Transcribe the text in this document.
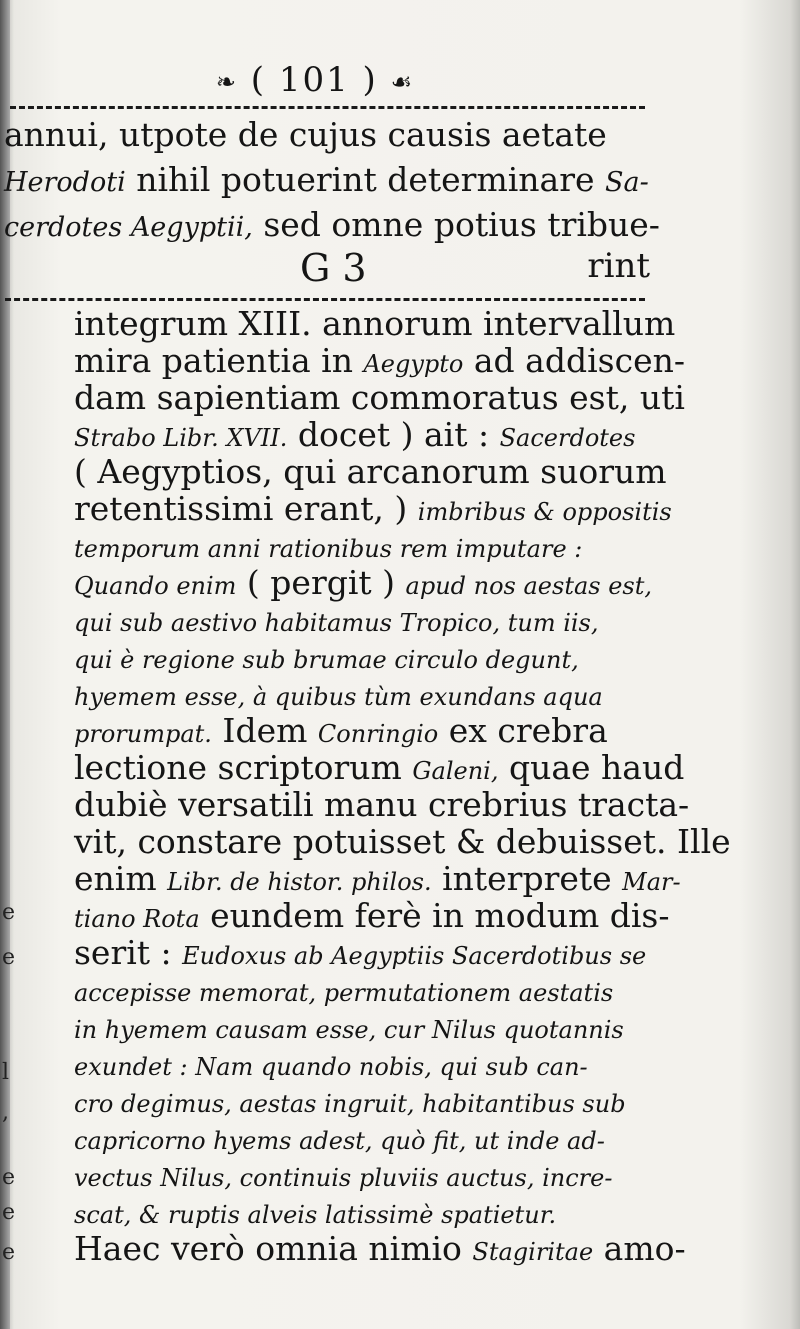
❧ ( 101 ) ☙
annui, utpote de cujus causis aetate
Herodoti nihil potuerint determinare Sa-
cerdotes Aegyptii, sed omne potius tribue-
G 3	rint
integrum XIII. annorum intervallum
mira patientia in Aegypto ad addiscen-
dam sapientiam commoratus est, uti
Strabo Libr. XVII. docet ) ait : Sacerdotes
( Aegyptios, qui arcanorum suorum
retentissimi erant, ) imbribus & oppositis
temporum anni rationibus rem imputare :
Quando enim ( pergit ) apud nos aestas est,
qui sub aestivo habitamus Tropico, tum iis,
qui è regione sub brumae circulo degunt,
hyemem esse, à quibus tùm exundans aqua
prorumpat. Idem Conringio ex crebra
lectione scriptorum Galeni, quae haud
dubiè versatili manu crebrius tracta-
vit, constare potuisset & debuisset. Ille
enim Libr. de histor. philos. interprete Mar-
tiano Rota eundem ferè in modum dis-
serit : Eudoxus ab Aegyptiis Sacerdotibus se
accepisse memorat, permutationem aestatis
in hyemem causam esse, cur Nilus quotannis
exundet : Nam quando nobis, qui sub can-
cro degimus, aestas ingruit, habitantibus sub
capricorno hyems adest, quò fit, ut inde ad-
vectus Nilus, continuis pluviis auctus, incre-
scat, & ruptis alveis latissimè spatietur.
Haec verò omnia nimio Stagiritae amo-
e
e
l
,
e
e
e
